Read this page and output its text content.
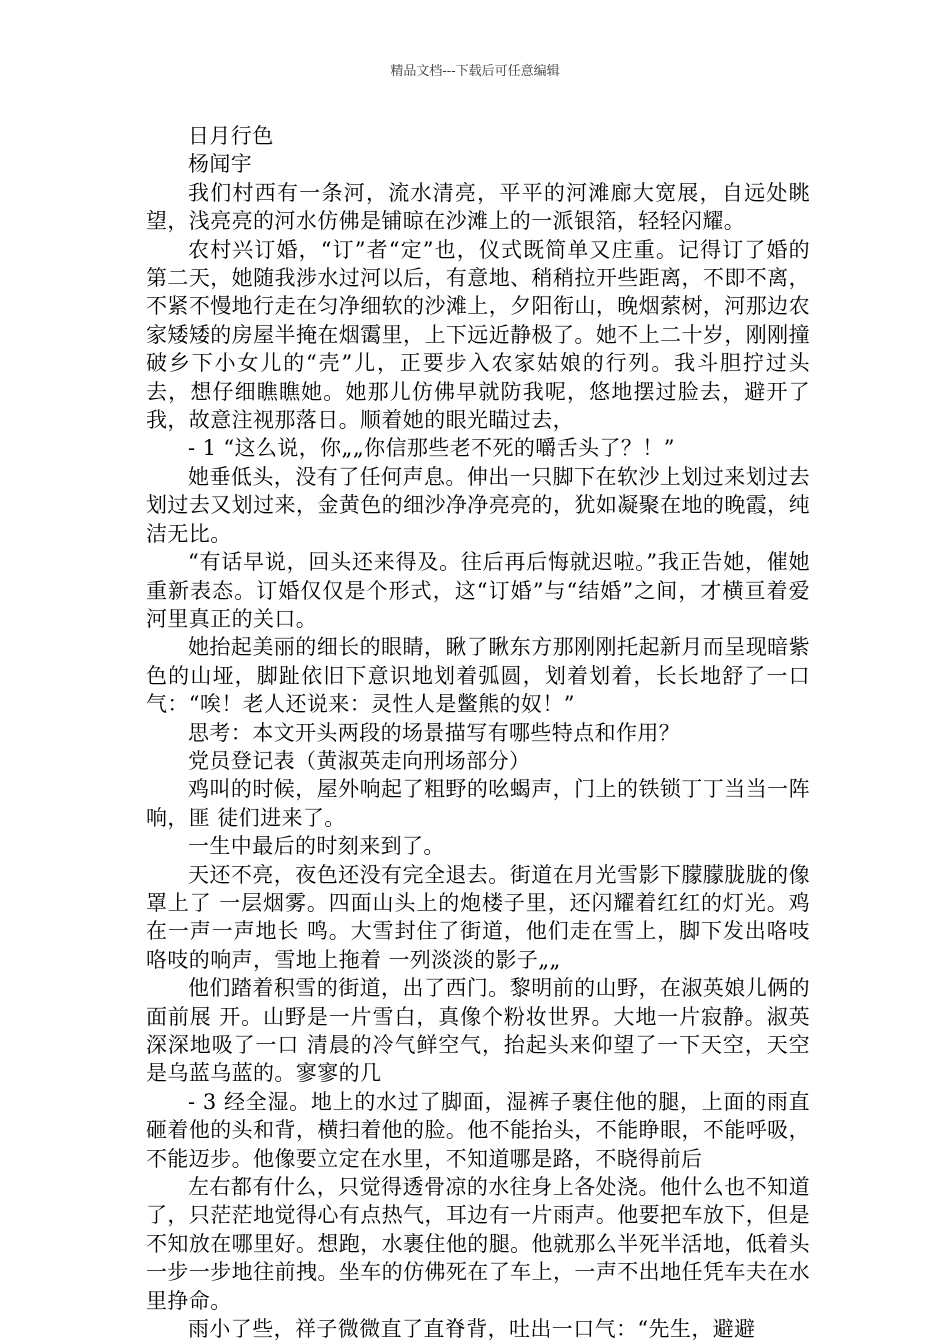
精品文档---下载后可任意编辑

日月行色

杨闻宇

我们村西有一条河，流水清亮，平平的河滩廊大宽展，自远处眺望，浅亮亮的河水仿佛是铺晾在沙滩上的一派银箔，轻轻闪耀。

农村兴订婚，“订”者“定”也，仪式既简单又庄重。记得订了婚的第二天，她随我涉水过河以后，有意地、稍稍拉开些距离，不即不离，不紧不慢地行走在匀净细软的沙滩上，夕阳衔山，晚烟萦树，河那边农家矮矮的房屋半掩在烟霭里，上下远近静极了。她不上二十岁，刚刚撞破乡下小女儿的“壳”儿，正要步入农家姑娘的行列。我斗胆拧过头去，想仔细瞧瞧她。她那儿仿佛早就防我呢，悠地摆过脸去，避开了我，故意注视那落日。顺着她的眼光瞄过去，

- 1 “这么说，你„„你信那些老不死的嚼舌头了？！”

她垂低头，没有了任何声息。伸出一只脚下在软沙上划过来划过去划过去又划过来，金黄色的细沙净净亮亮的，犹如凝聚在地的晚霞，纯洁无比。

“有话早说，回头还来得及。往后再后悔就迟啦。”我正告她，催她重新表态。订婚仅仅是个形式，这“订婚”与“结婚”之间，才横亘着爱河里真正的关口。

她抬起美丽的细长的眼睛，瞅了瞅东方那刚刚托起新月而呈现暗紫色的山垭，脚趾依旧下意识地划着弧圆，划着划着，长长地舒了一口气：“唉！老人还说来：灵性人是鳖熊的奴！”

思考：本文开头两段的场景描写有哪些特点和作用？

党员登记表（黄淑英走向刑场部分）

鸡叫的时候，屋外响起了粗野的吆蝎声，门上的铁锁丁丁当当一阵响，匪 徒们进来了。

一生中最后的时刻来到了。

天还不亮，夜色还没有完全退去。街道在月光雪影下朦朦胧胧的像罩上了 一层烟雾。四面山头上的炮楼子里，还闪耀着红红的灯光。鸡在一声一声地长 鸣。大雪封住了街道，他们走在雪上，脚下发出咯吱咯吱的响声，雪地上拖着 一列淡淡的影子„„

他们踏着积雪的街道，出了西门。黎明前的山野，在淑英娘儿俩的面前展 开。山野是一片雪白，真像个粉妆世界。大地一片寂静。淑英深深地吸了一口 清晨的冷气鲜空气，抬起头来仰望了一下天空，天空是乌蓝乌蓝的。寥寥的几

- 3 经全湿。地上的水过了脚面，湿裤子裹住他的腿，上面的雨直砸着他的头和背，横扫着他的脸。他不能抬头，不能睁眼，不能呼吸，不能迈步。他像要立定在水里，不知道哪是路，不晓得前后

左右都有什么，只觉得透骨凉的水往身上各处浇。他什么也不知道了，只茫茫地觉得心有点热气，耳边有一片雨声。他要把车放下，但是不知放在哪里好。想跑，水裹住他的腿。他就那么半死半活地，低着头一步一步地往前拽。坐车的仿佛死在了车上，一声不出地任凭车夫在水里挣命。

雨小了些，祥子微微直了直脊背，吐出一口气：“先生，避避
